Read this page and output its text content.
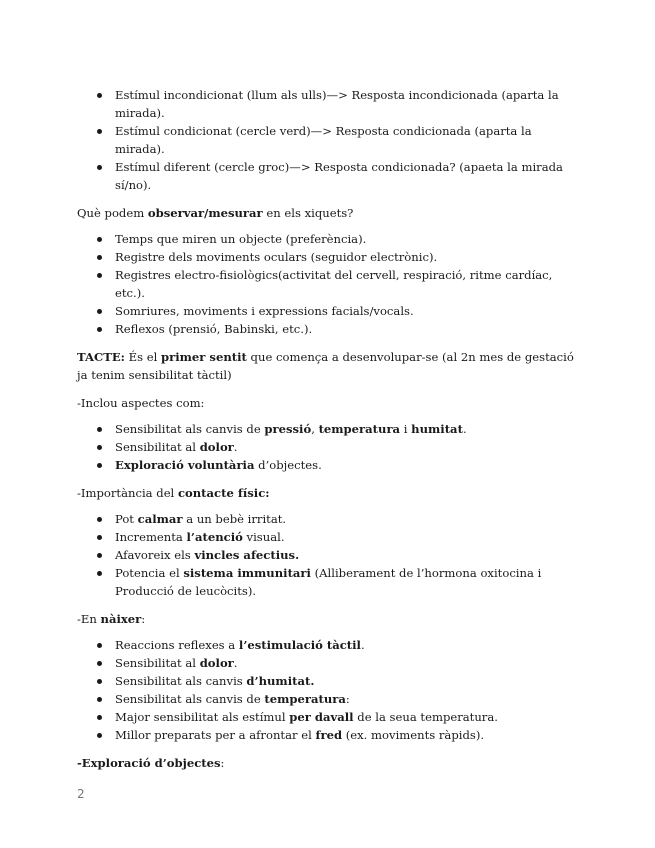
Estímul incondicionat (llum als ulls)—> Resposta incondicionada (aparta la mirada).
Estímul condicionat (cercle verd)—> Resposta condicionada (aparta la mirada).
Estímul diferent (cercle groc)—> Resposta condicionada? (apaeta la mirada sí/no).

Què podem observar/mesurar en els xiquets?

Temps que miren un objecte (preferència).
Registre dels moviments oculars (seguidor electrònic).
Registres electro-fisiològics(activitat del cervell, respiració, ritme cardíac, etc.).
Somriures, moviments i expressions facials/vocals.
Reflexos (prensió, Babinski, etc.).

TACTE: És el primer sentit que comença a desenvolupar-se (al 2n mes de gestació ja tenim sensibilitat tàctil)

-Inclou aspectes com:

Sensibilitat als canvis de pressió, temperatura i humitat.
Sensibilitat al dolor.
Exploració voluntària d’objectes.

-Importància del contacte físic:

Pot calmar a un bebè irritat.
Incrementa l’atenció visual.
Afavoreix els vincles afectius.
Potencia el sistema immunitari (Alliberament de l’hormona oxitocina i Producció de leucòcits).

-En nàixer:

Reaccions reflexes a l’estimulació tàctil.
Sensibilitat al dolor.
Sensibilitat als canvis d’humitat.
Sensibilitat als canvis de temperatura:
Major sensibilitat als estímul per davall de la seua temperatura.
Millor preparats per a afrontar el fred (ex. moviments ràpids).

-Exploració d’objectes:

2
